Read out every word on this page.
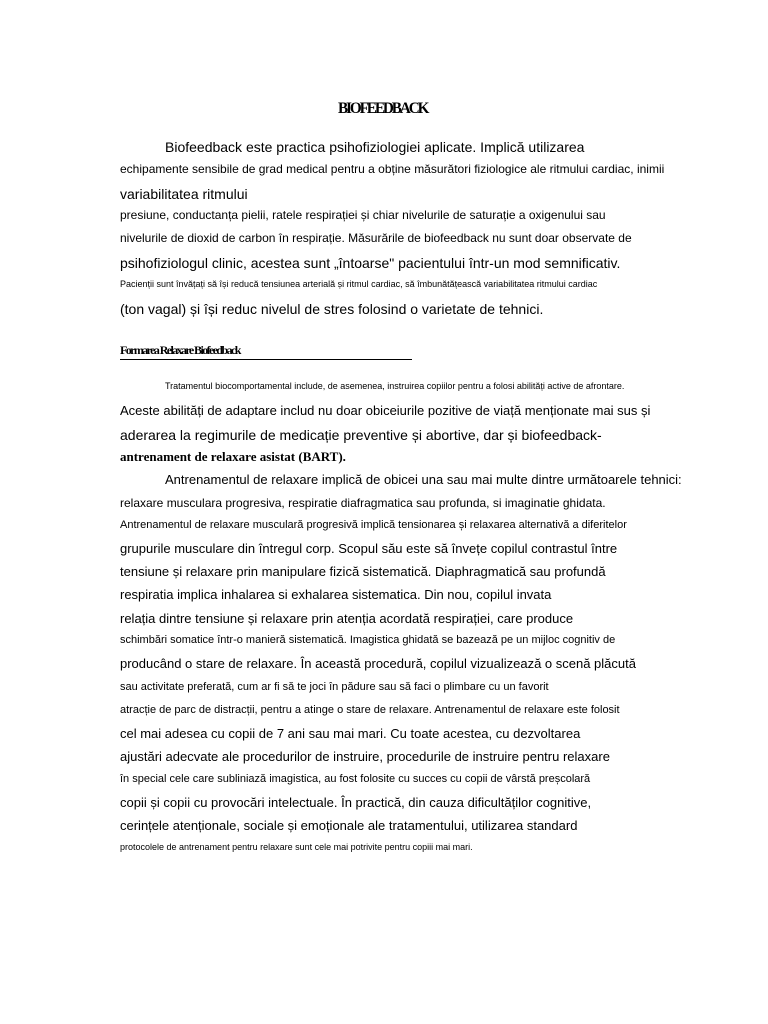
BIOFEEDBACK
Biofeedback este practica psihofiziologiei aplicate. Implică utilizarea
echipamente sensibile de grad medical pentru a obține măsurători fiziologice ale ritmului cardiac, inimii
variabilitatea ritmului
presiune, conductanța pielii, ratele respirației și chiar nivelurile de saturație a oxigenului sau
nivelurile de dioxid de carbon în respirație. Măsurările de biofeedback nu sunt doar observate de
psihofiziologul clinic, acestea sunt „întoarse" pacientului într-un mod semnificativ.
Pacienții sunt învățați să își reducă tensiunea arterială și ritmul cardiac, să îmbunătățească variabilitatea ritmului cardiac
(ton vagal) și își reduc nivelul de stres folosind o varietate de tehnici.
Formarea Relaxare Biofeedback
Tratamentul biocomportamental include, de asemenea, instruirea copiilor pentru a folosi abilități active de afrontare.
Aceste abilități de adaptare includ nu doar obiceiurile pozitive de viață menționate mai sus și
aderarea la regimurile de medicație preventive și abortive, dar și biofeedback-
antrenament de relaxare asistat (BART).
Antrenamentul de relaxare implică de obicei una sau mai multe dintre următoarele tehnici:
relaxare musculara progresiva, respiratie diafragmatica sau profunda, si imaginatie ghidata.
Antrenamentul de relaxare musculară progresivă implică tensionarea și relaxarea alternativă a diferitelor
grupurile musculare din întregul corp. Scopul său este să învețe copilul contrastul între
tensiune și relaxare prin manipulare fizică sistematică. Diaphragmatică sau profundă
respiratia implica inhalarea si exhalarea sistematica. Din nou, copilul invata
relația dintre tensiune și relaxare prin atenția acordată respirației, care produce
schimbări somatice într-o manieră sistematică. Imagistica ghidată se bazează pe un mijloc cognitiv de
producând o stare de relaxare. În această procedură, copilul vizualizează o scenă plăcută
sau activitate preferată, cum ar fi să te joci în pădure sau să faci o plimbare cu un favorit
atracție de parc de distracții, pentru a atinge o stare de relaxare. Antrenamentul de relaxare este folosit
cel mai adesea cu copii de 7 ani sau mai mari. Cu toate acestea, cu dezvoltarea
ajustări adecvate ale procedurilor de instruire, procedurile de instruire pentru relaxare
în special cele care subliniază imagistica, au fost folosite cu succes cu copii de vârstă preșcolară
copii și copii cu provocări intelectuale. În practică, din cauza dificultăților cognitive,
cerințele atenționale, sociale și emoționale ale tratamentului, utilizarea standard
protocolele de antrenament pentru relaxare sunt cele mai potrivite pentru copiii mai mari.
